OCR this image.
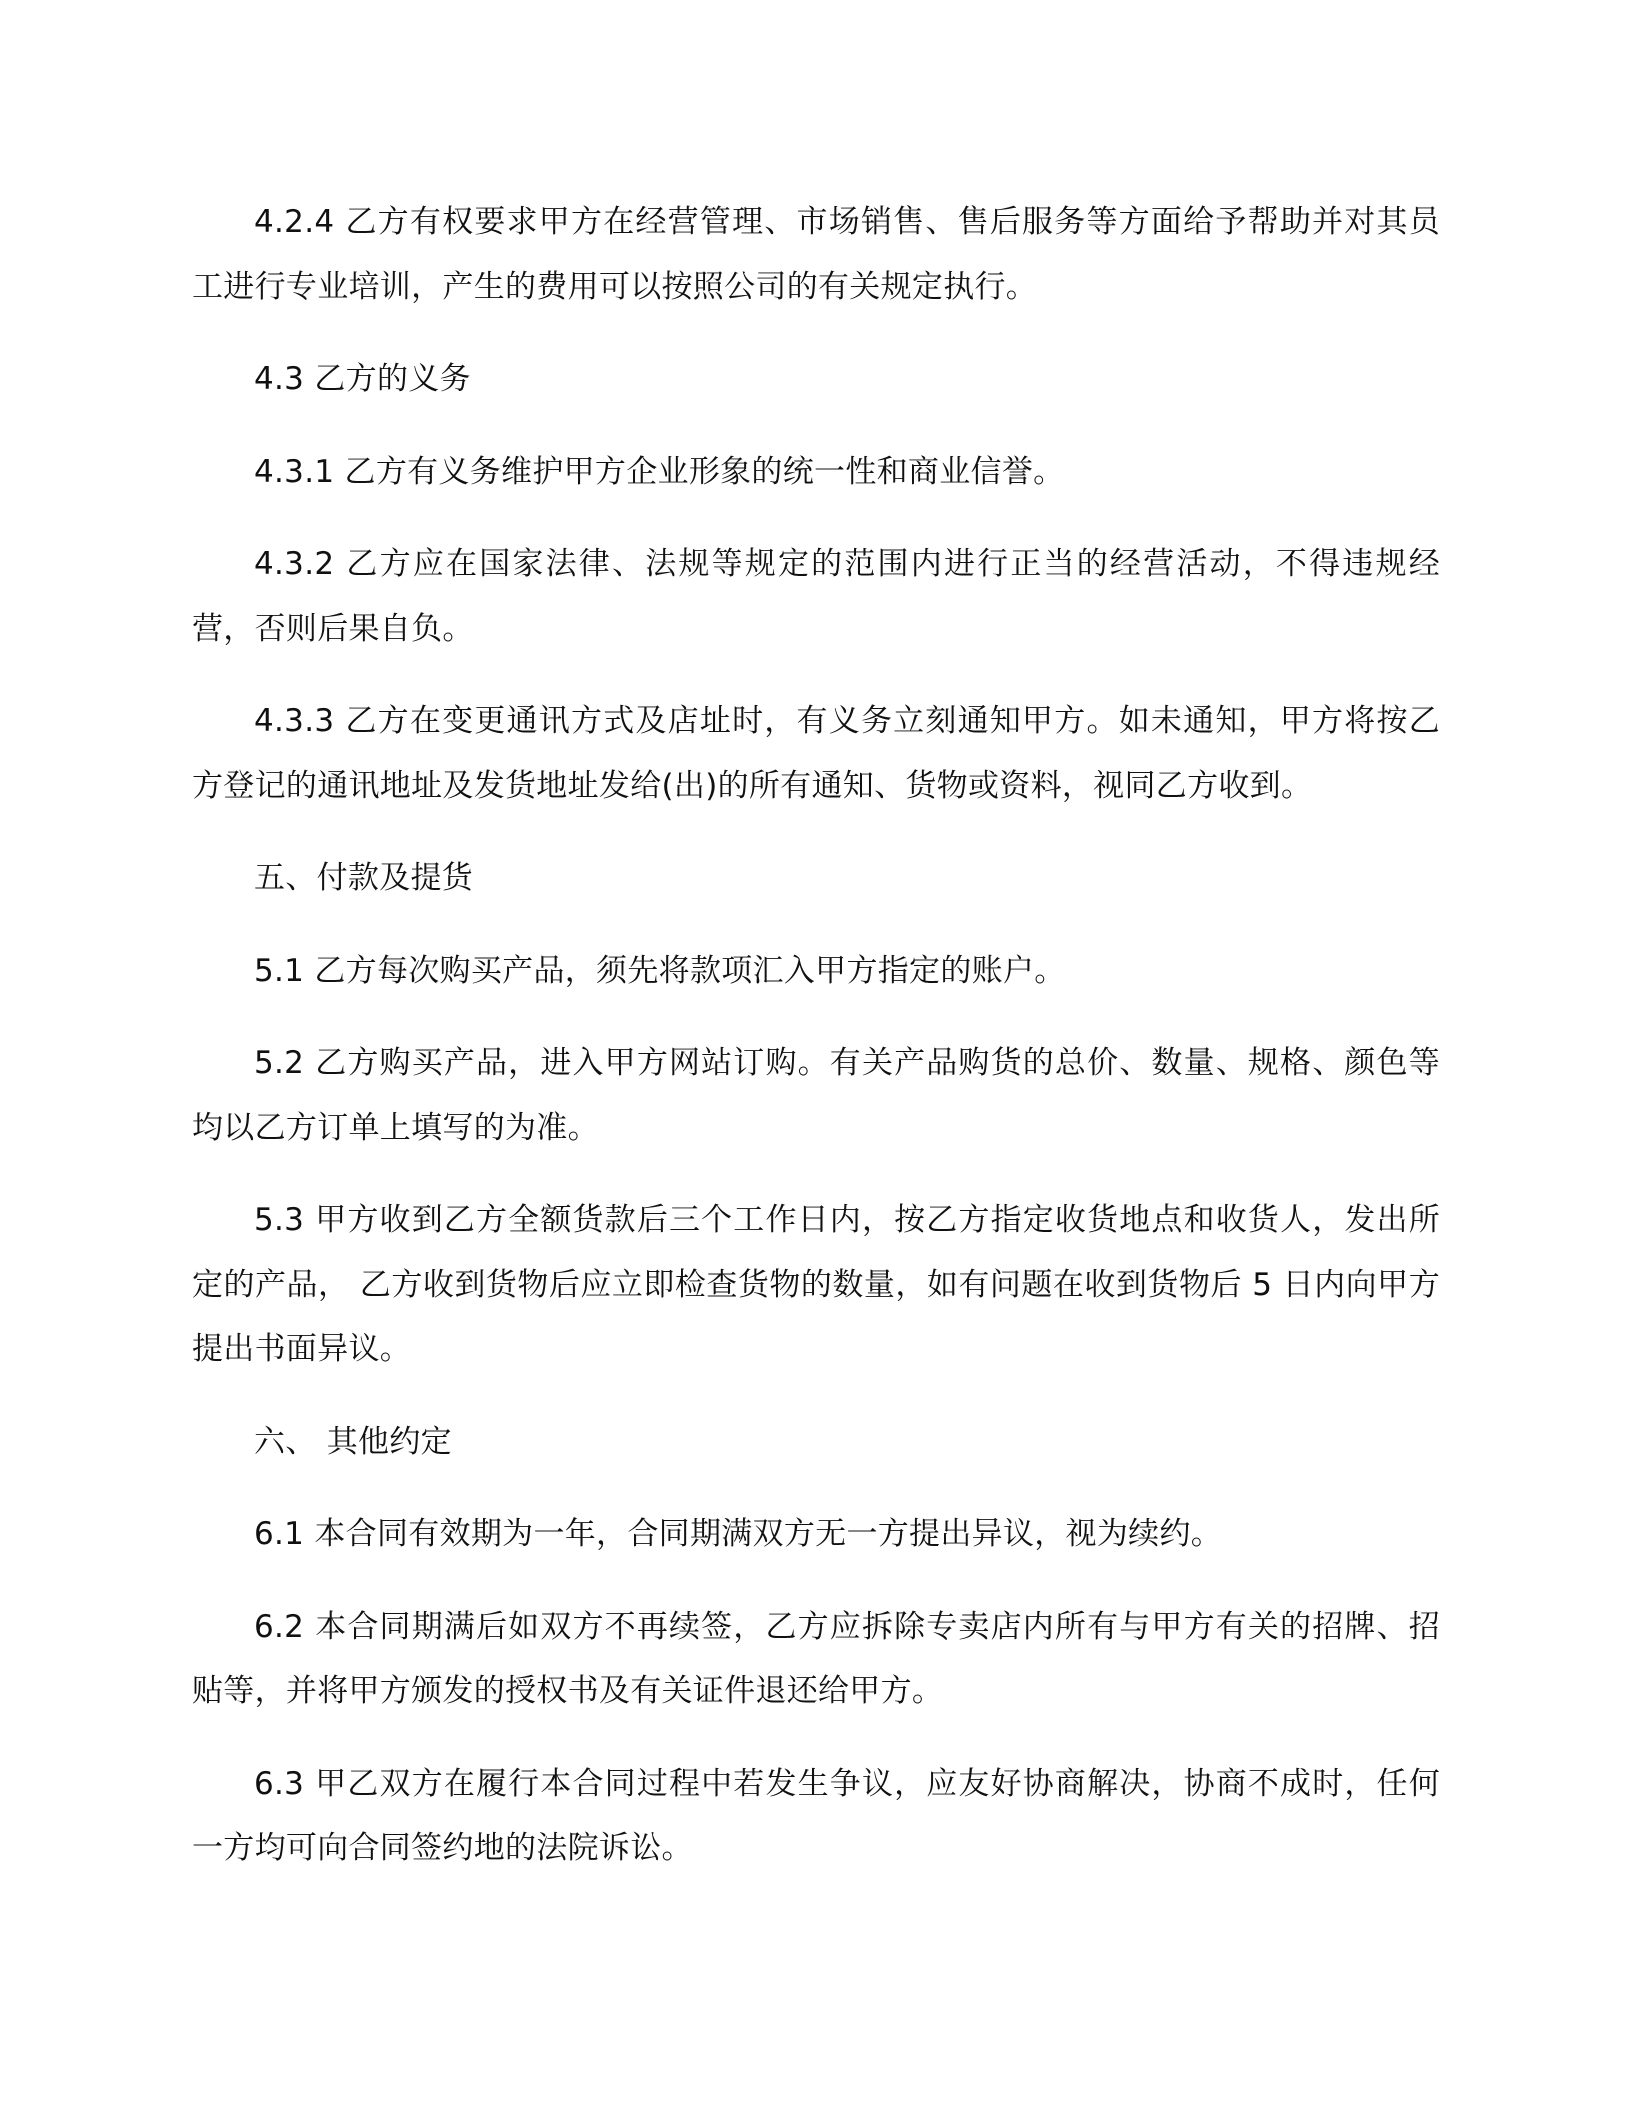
4.2.4 乙方有权要求甲方在经营管理、市场销售、售后服务等方面给予帮助并对其员工进行专业培训，产生的费用可以按照公司的有关规定执行。

4.3 乙方的义务

4.3.1 乙方有义务维护甲方企业形象的统一性和商业信誉。

4.3.2 乙方应在国家法律、法规等规定的范围内进行正当的经营活动，不得违规经营，否则后果自负。

4.3.3 乙方在变更通讯方式及店址时，有义务立刻通知甲方。如未通知，甲方将按乙方登记的通讯地址及发货地址发给(出)的所有通知、货物或资料，视同乙方收到。

五、付款及提货

5.1 乙方每次购买产品，须先将款项汇入甲方指定的账户。

5.2 乙方购买产品，进入甲方网站订购。有关产品购货的总价、数量、规格、颜色等均以乙方订单上填写的为准。

5.3 甲方收到乙方全额货款后三个工作日内，按乙方指定收货地点和收货人，发出所定的产品， 乙方收到货物后应立即检查货物的数量，如有问题在收到货物后 5 日内向甲方提出书面异议。

六、 其他约定

6.1 本合同有效期为一年，合同期满双方无一方提出异议，视为续约。

6.2 本合同期满后如双方不再续签，乙方应拆除专卖店内所有与甲方有关的招牌、招贴等，并将甲方颁发的授权书及有关证件退还给甲方。

6.3 甲乙双方在履行本合同过程中若发生争议，应友好协商解决，协商不成时，任何一方均可向合同签约地的法院诉讼。
